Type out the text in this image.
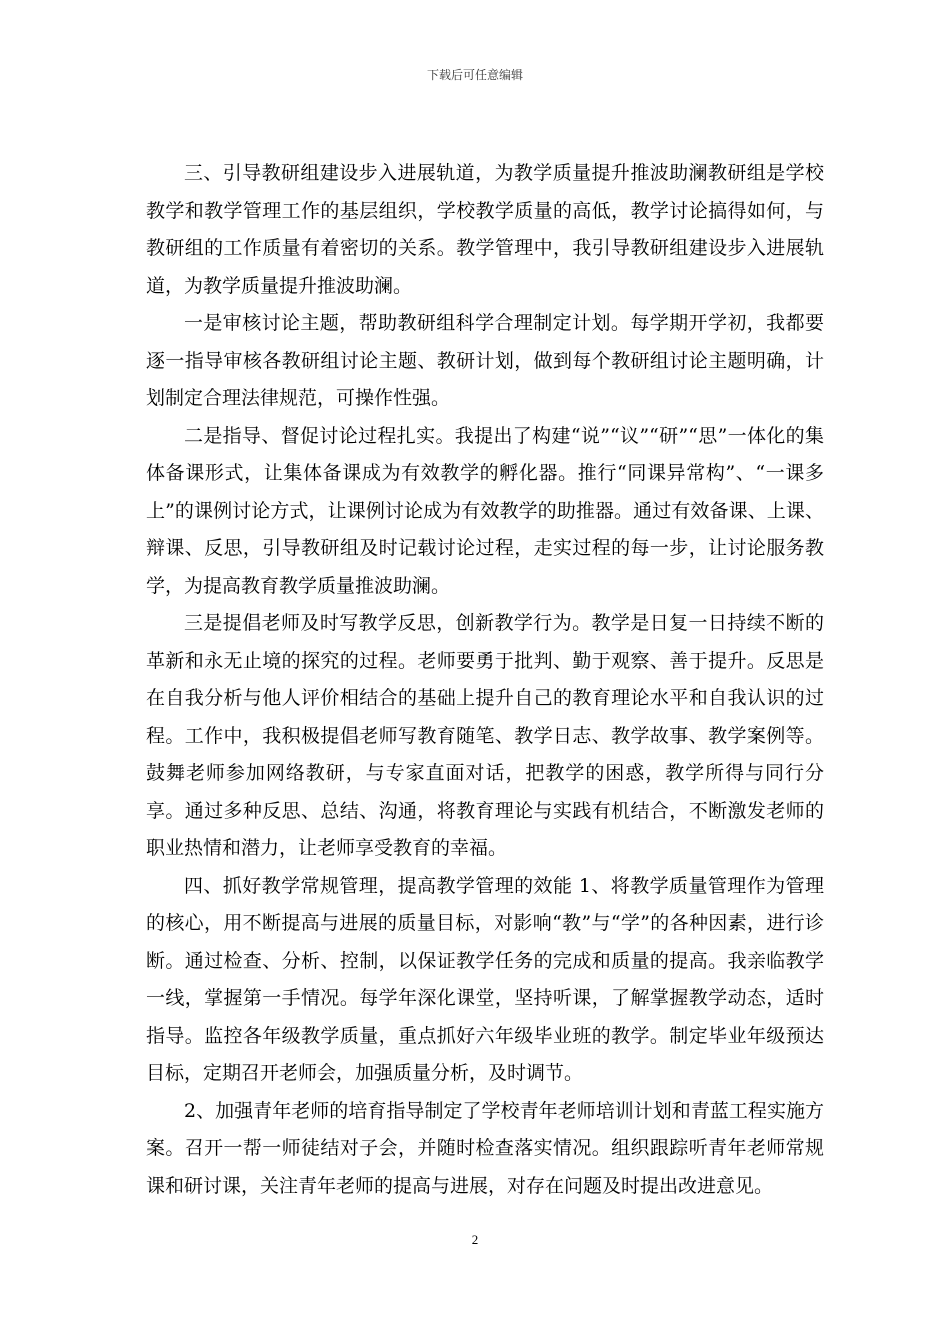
下载后可任意编辑

三、引导教研组建设步入进展轨道，为教学质量提升推波助澜教研组是学校教学和教学管理工作的基层组织，学校教学质量的高低，教学讨论搞得如何，与教研组的工作质量有着密切的关系。教学管理中，我引导教研组建设步入进展轨道，为教学质量提升推波助澜。

一是审核讨论主题，帮助教研组科学合理制定计划。每学期开学初，我都要逐一指导审核各教研组讨论主题、教研计划，做到每个教研组讨论主题明确，计划制定合理法律规范，可操作性强。

二是指导、督促讨论过程扎实。我提出了构建“说”“议”“研”“思”一体化的集体备课形式，让集体备课成为有效教学的孵化器。推行“同课异常构”、“一课多上”的课例讨论方式，让课例讨论成为有效教学的助推器。通过有效备课、上课、辩课、反思，引导教研组及时记载讨论过程，走实过程的每一步，让讨论服务教学，为提高教育教学质量推波助澜。

三是提倡老师及时写教学反思，创新教学行为。教学是日复一日持续不断的革新和永无止境的探究的过程。老师要勇于批判、勤于观察、善于提升。反思是在自我分析与他人评价相结合的基础上提升自己的教育理论水平和自我认识的过程。工作中，我积极提倡老师写教育随笔、教学日志、教学故事、教学案例等。鼓舞老师参加网络教研，与专家直面对话，把教学的困惑，教学所得与同行分享。通过多种反思、总结、沟通，将教育理论与实践有机结合，不断激发老师的职业热情和潜力，让老师享受教育的幸福。

四、抓好教学常规管理，提高教学管理的效能 1、将教学质量管理作为管理的核心，用不断提高与进展的质量目标，对影响“教”与“学”的各种因素，进行诊断。通过检查、分析、控制，以保证教学任务的完成和质量的提高。我亲临教学一线，掌握第一手情况。每学年深化课堂，坚持听课，了解掌握教学动态，适时指导。监控各年级教学质量，重点抓好六年级毕业班的教学。制定毕业年级预达目标，定期召开老师会，加强质量分析，及时调节。

2、加强青年老师的培育指导制定了学校青年老师培训计划和青蓝工程实施方案。召开一帮一师徒结对子会，并随时检查落实情况。组织跟踪听青年老师常规课和研讨课，关注青年老师的提高与进展，对存在问题及时提出改进意见。

2
